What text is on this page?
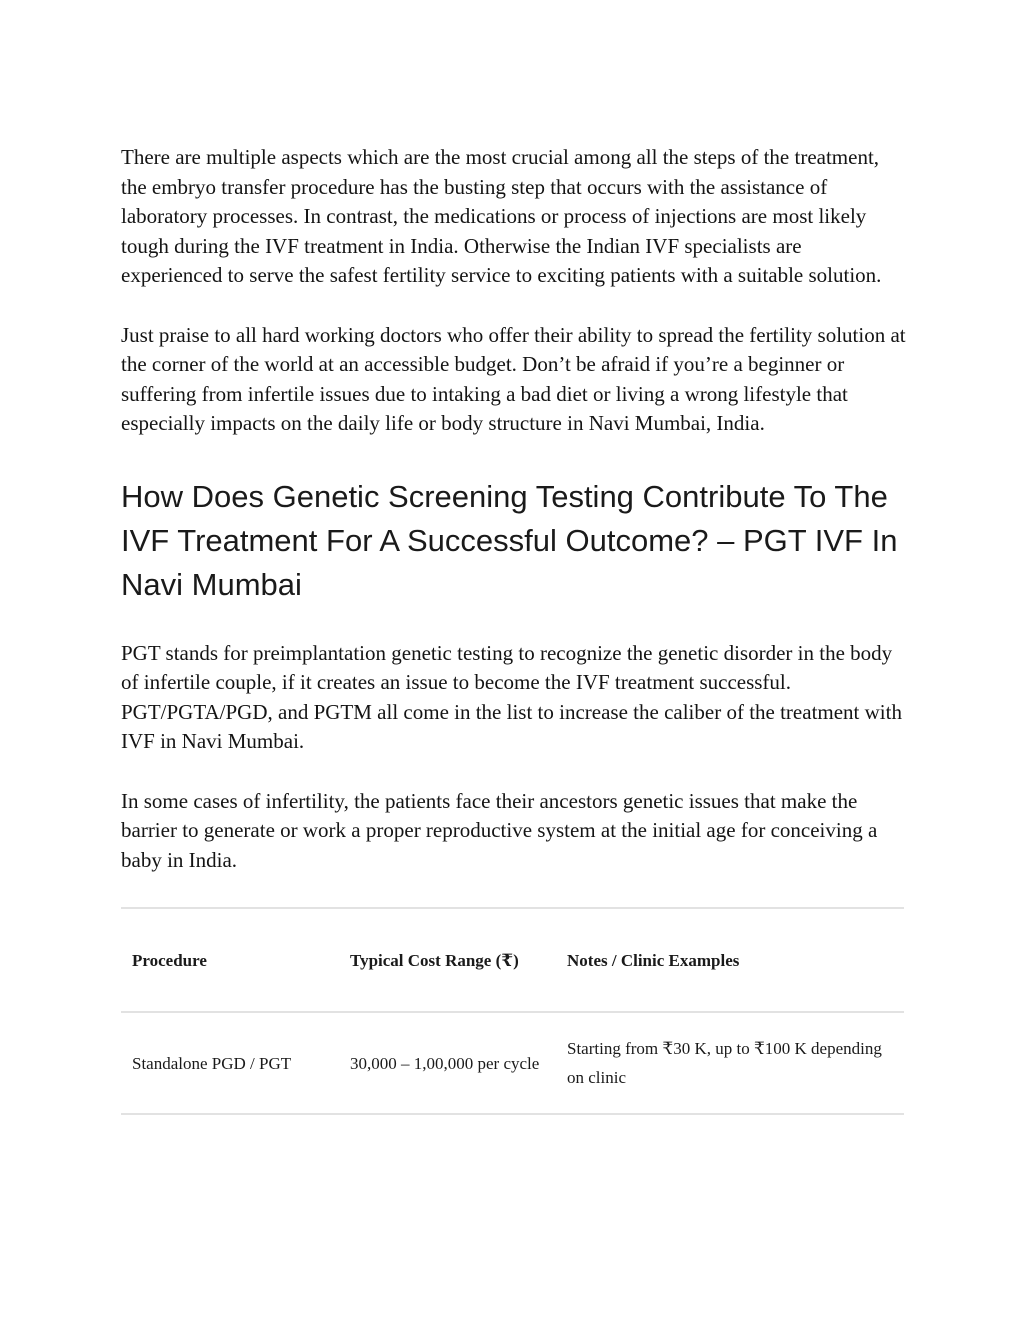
There are multiple aspects which are the most crucial among all the steps of the treatment, the embryo transfer procedure has the busting step that occurs with the assistance of laboratory processes. In contrast, the medications or process of injections are most likely tough during the IVF treatment in India. Otherwise the Indian IVF specialists are experienced to serve the safest fertility service to exciting patients with a suitable solution.

Just praise to all hard working doctors who offer their ability to spread the fertility solution at the corner of the world at an accessible budget. Don’t be afraid if you’re a beginner or suffering from infertile issues due to intaking a bad diet or living a wrong lifestyle that especially impacts on the daily life or body structure in Navi Mumbai, India.

How Does Genetic Screening Testing Contribute To The IVF Treatment For A Successful Outcome? – PGT IVF In Navi Mumbai

PGT stands for preimplantation genetic testing to recognize the genetic disorder in the body of infertile couple, if it creates an issue to become the IVF treatment successful. PGT/PGTA/PGD, and PGTM all come in the list to increase the caliber of the treatment with IVF in Navi Mumbai.

In some cases of infertility, the patients face their ancestors genetic issues that make the barrier to generate or work a proper reproductive system at the initial age for conceiving a baby in India.

Procedure	Typical Cost Range (₹)	Notes / Clinic Examples
Standalone PGD / PGT	30,000 – 1,00,000 per cycle	Starting from ₹30 K, up to ₹100 K depending on clinic
